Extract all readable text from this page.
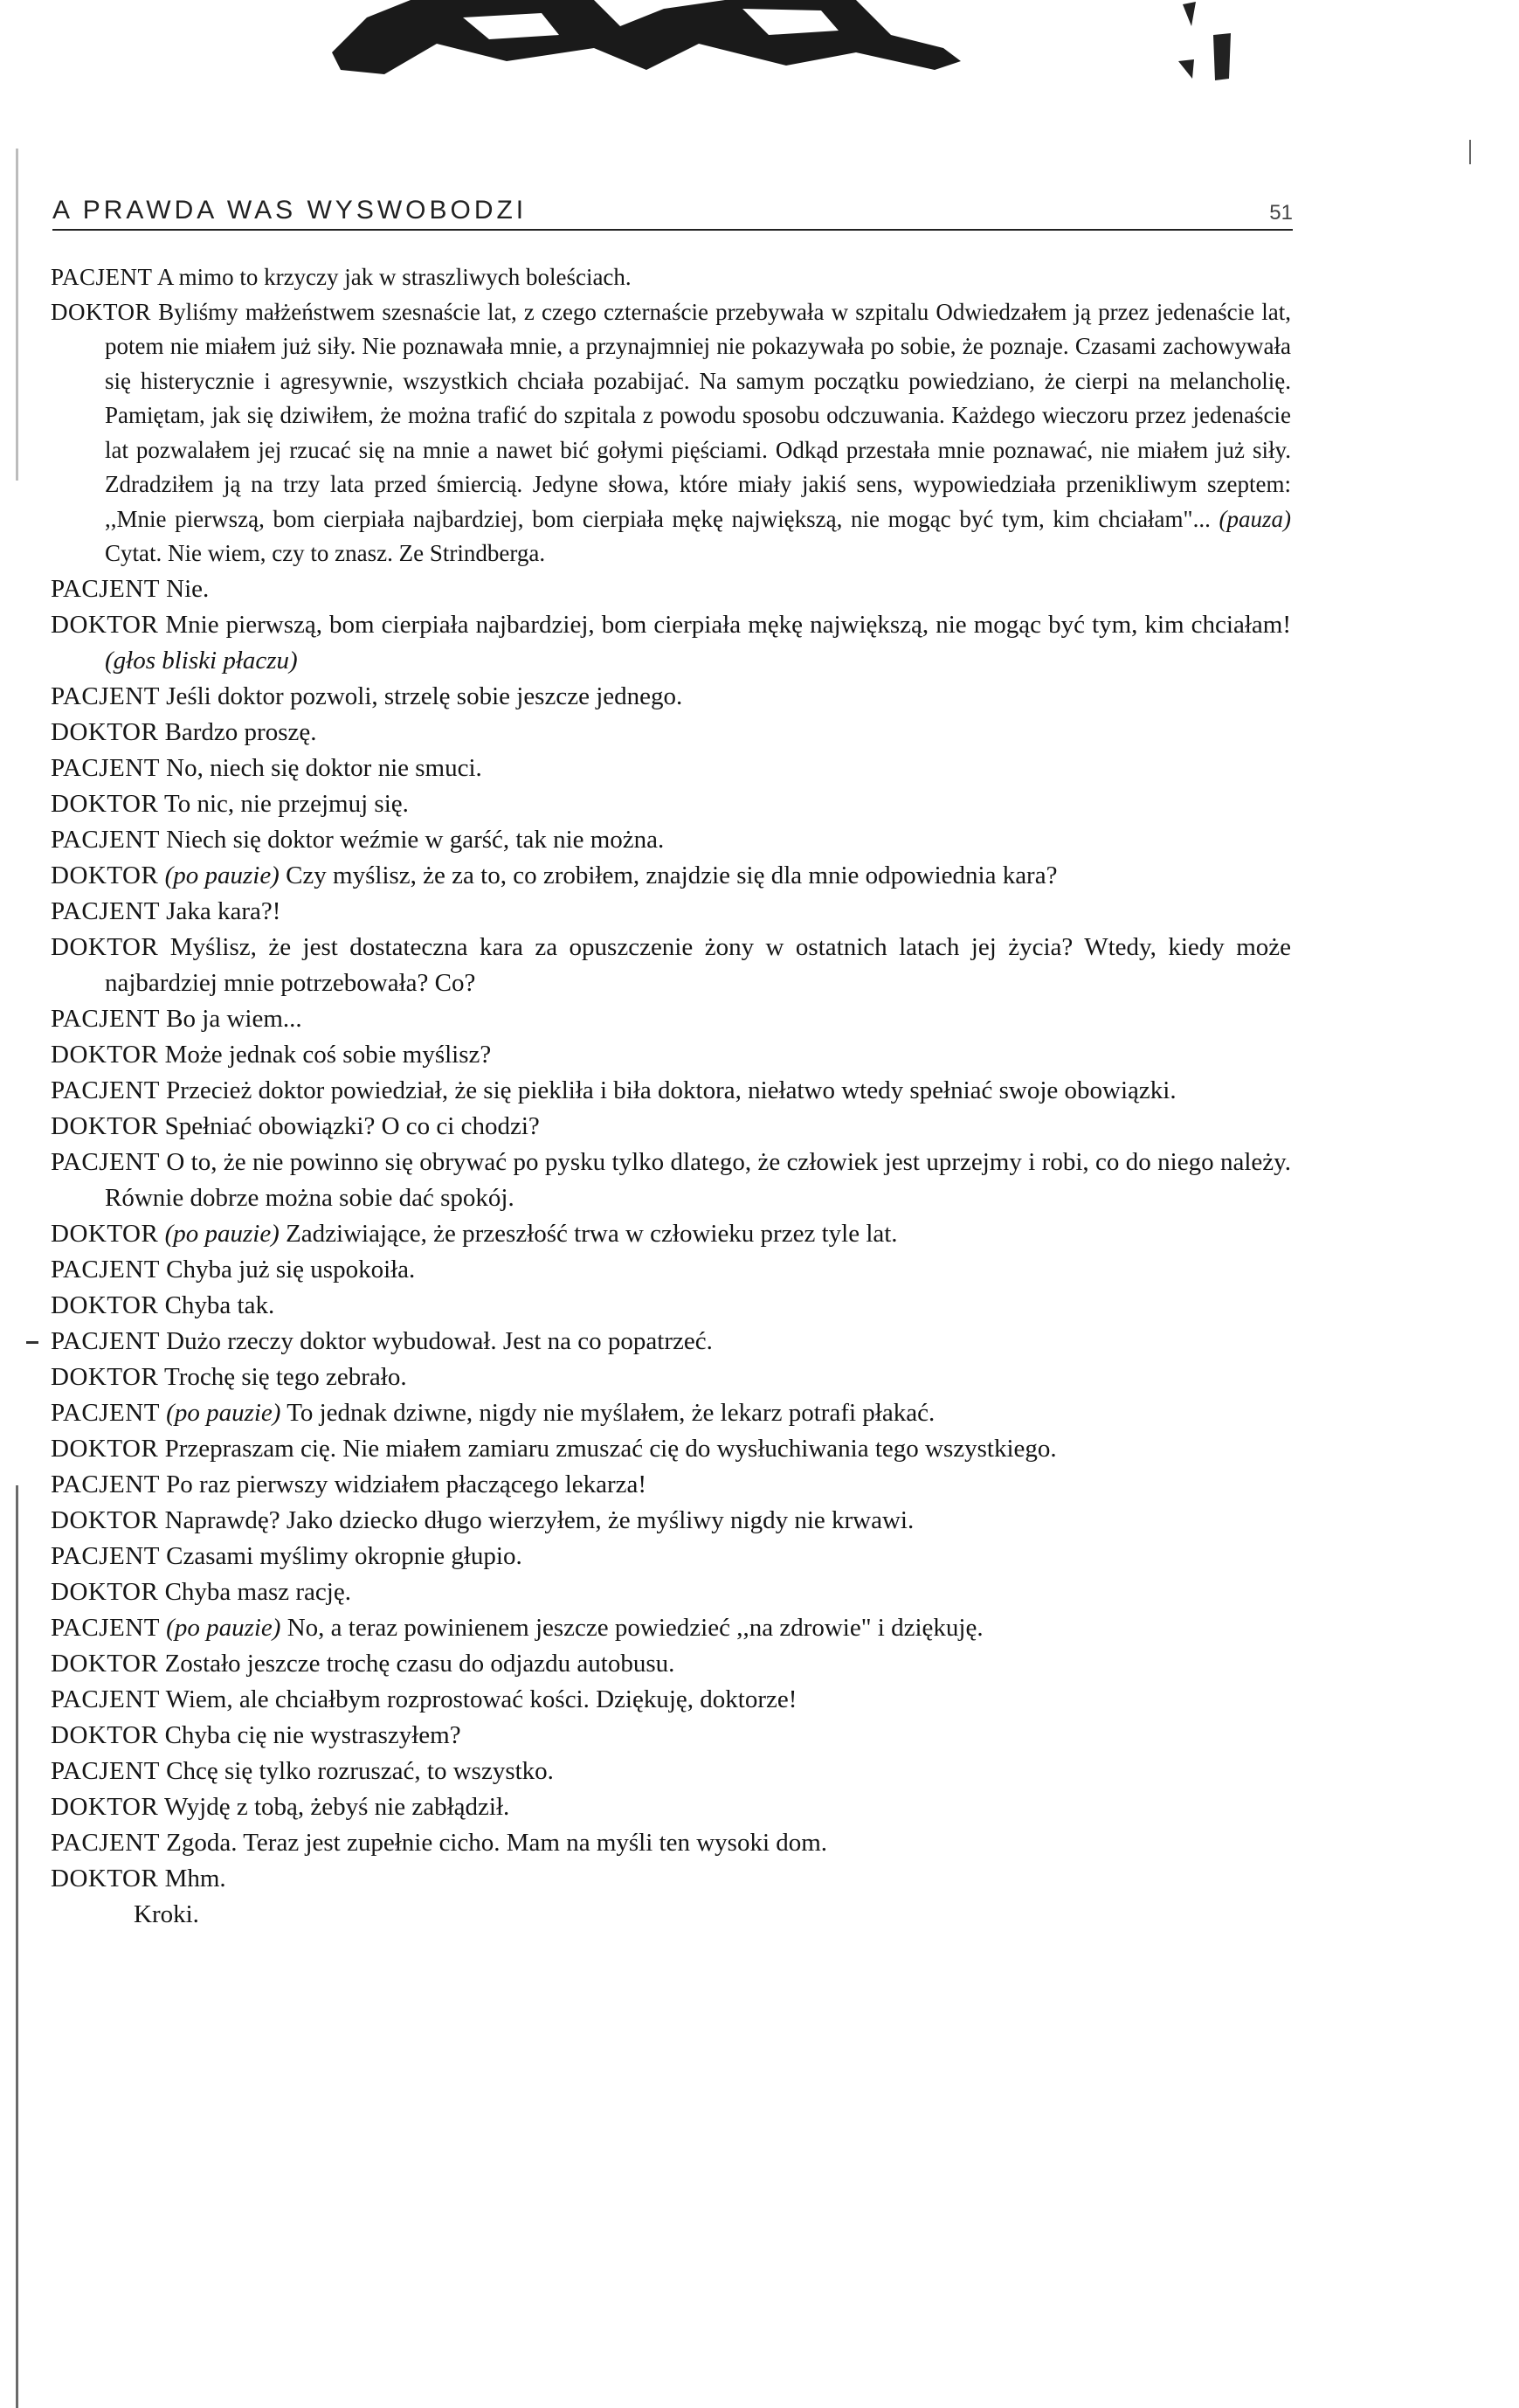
A PRAWDA WAS WYSWOBODZI	51
PACJENT A mimo to krzyczy jak w straszliwych boleściach.
DOKTOR Byliśmy małżeństwem szesnaście lat, z czego czternaście przebywała w szpitalu Odwiedzałem ją przez jedenaście lat, potem nie miałem już siły. Nie poznawała mnie, a przynajmniej nie pokazywała po sobie, że poznaje. Czasami zachowywała się histerycznie i agresywnie, wszystkich chciała pozabijać. Na samym początku powiedziano, że cierpi na melancholię. Pamiętam, jak się dziwiłem, że można trafić do szpitala z powodu sposobu odczuwania. Każdego wieczoru przez jedenaście lat pozwalałem jej rzucać się na mnie a nawet bić gołymi pięściami. Odkąd przestała mnie poznawać, nie miałem już siły. Zdradziłem ją na trzy lata przed śmiercią. Jedyne słowa, które miały jakiś sens, wypowiedziała przenikliwym szeptem: ,,Mnie pierwszą, bom cierpiała najbardziej, bom cierpiała mękę największą, nie mogąc być tym, kim chciałam"... (pauza) Cytat. Nie wiem, czy to znasz. Ze Strindberga.
PACJENT Nie.
DOKTOR Mnie pierwszą, bom cierpiała najbardziej, bom cierpiała mękę największą, nie mogąc być tym, kim chciałam! (głos bliski płaczu)
PACJENT Jeśli doktor pozwoli, strzelę sobie jeszcze jednego.
DOKTOR Bardzo proszę.
PACJENT No, niech się doktor nie smuci.
DOKTOR To nic, nie przejmuj się.
PACJENT Niech się doktor weźmie w garść, tak nie można.
DOKTOR (po pauzie) Czy myślisz, że za to, co zrobiłem, znajdzie się dla mnie odpowiednia kara?
PACJENT Jaka kara?!
DOKTOR Myślisz, że jest dostateczna kara za opuszczenie żony w ostatnich latach jej życia? Wtedy, kiedy może najbardziej mnie potrzebowała? Co?
PACJENT Bo ja wiem...
DOKTOR Może jednak coś sobie myślisz?
PACJENT Przecież doktor powiedział, że się piekliła i biła doktora, niełatwo wtedy spełniać swoje obowiązki.
DOKTOR Spełniać obowiązki? O co ci chodzi?
PACJENT O to, że nie powinno się obrywać po pysku tylko dlatego, że człowiek jest uprzejmy i robi, co do niego należy. Równie dobrze można sobie dać spokój.
DOKTOR (po pauzie) Zadziwiające, że przeszłość trwa w człowieku przez tyle lat.
PACJENT Chyba już się uspokoiła.
DOKTOR Chyba tak.
PACJENT Dużo rzeczy doktor wybudował. Jest na co popatrzeć.
DOKTOR Trochę się tego zebrało.
PACJENT (po pauzie) To jednak dziwne, nigdy nie myślałem, że lekarz potrafi płakać.
DOKTOR Przepraszam cię. Nie miałem zamiaru zmuszać cię do wysłuchiwania tego wszystkiego.
PACJENT Po raz pierwszy widziałem płaczącego lekarza!
DOKTOR Naprawdę? Jako dziecko długo wierzyłem, że myśliwy nigdy nie krwawi.
PACJENT Czasami myślimy okropnie głupio.
DOKTOR Chyba masz rację.
PACJENT (po pauzie) No, a teraz powinienem jeszcze powiedzieć ,,na zdrowie" i dziękuję.
DOKTOR Zostało jeszcze trochę czasu do odjazdu autobusu.
PACJENT Wiem, ale chciałbym rozprostować kości. Dziękuję, doktorze!
DOKTOR Chyba cię nie wystraszyłem?
PACJENT Chcę się tylko rozruszać, to wszystko.
DOKTOR Wyjdę z tobą, żebyś nie zabłądził.
PACJENT Zgoda. Teraz jest zupełnie cicho. Mam na myśli ten wysoki dom.
DOKTOR Mhm.
Kroki.
